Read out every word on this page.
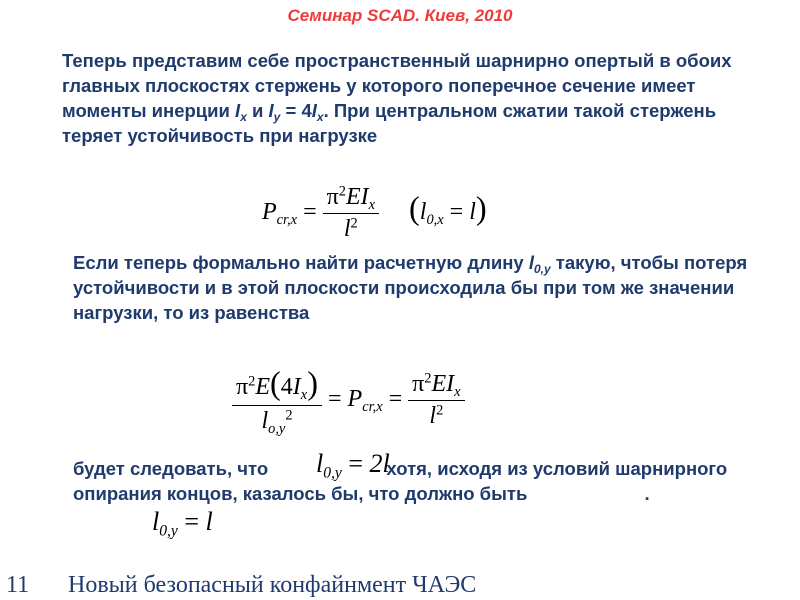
Семинар SCAD. Киев, 2010

Теперь представим себе пространственный шарнирно опертый в обоих главных плоскостях стержень у которого поперечное сечение имеет моменты инерции $I_x$ и $I_y = 4I_x$. При центральном сжатии такой стержень теряет устойчивость при нагрузке

$P_{cr,x} = \frac{\pi^2EI_x}{l^2} (l_{0,x} = l)$

Если теперь формально найти расчетную длину $l_{0,y}$ такую, чтобы потеря устойчивости и в этой плоскости происходила бы при том же значении нагрузки, то из равенства

$\frac{\pi^2E(4I_x)}{l_{o,y}^2} = P_{cr,x} = \frac{\pi^2EI_x}{l^2}$

будет следовать, что	хотя, исходя из условий шарнирного опирания концов, казалось бы, что должно быть	.

$l_{0,y} = 2l$
$l_{0,y} = l$
11 Новый безопасный конфайнмент ЧАЭС
